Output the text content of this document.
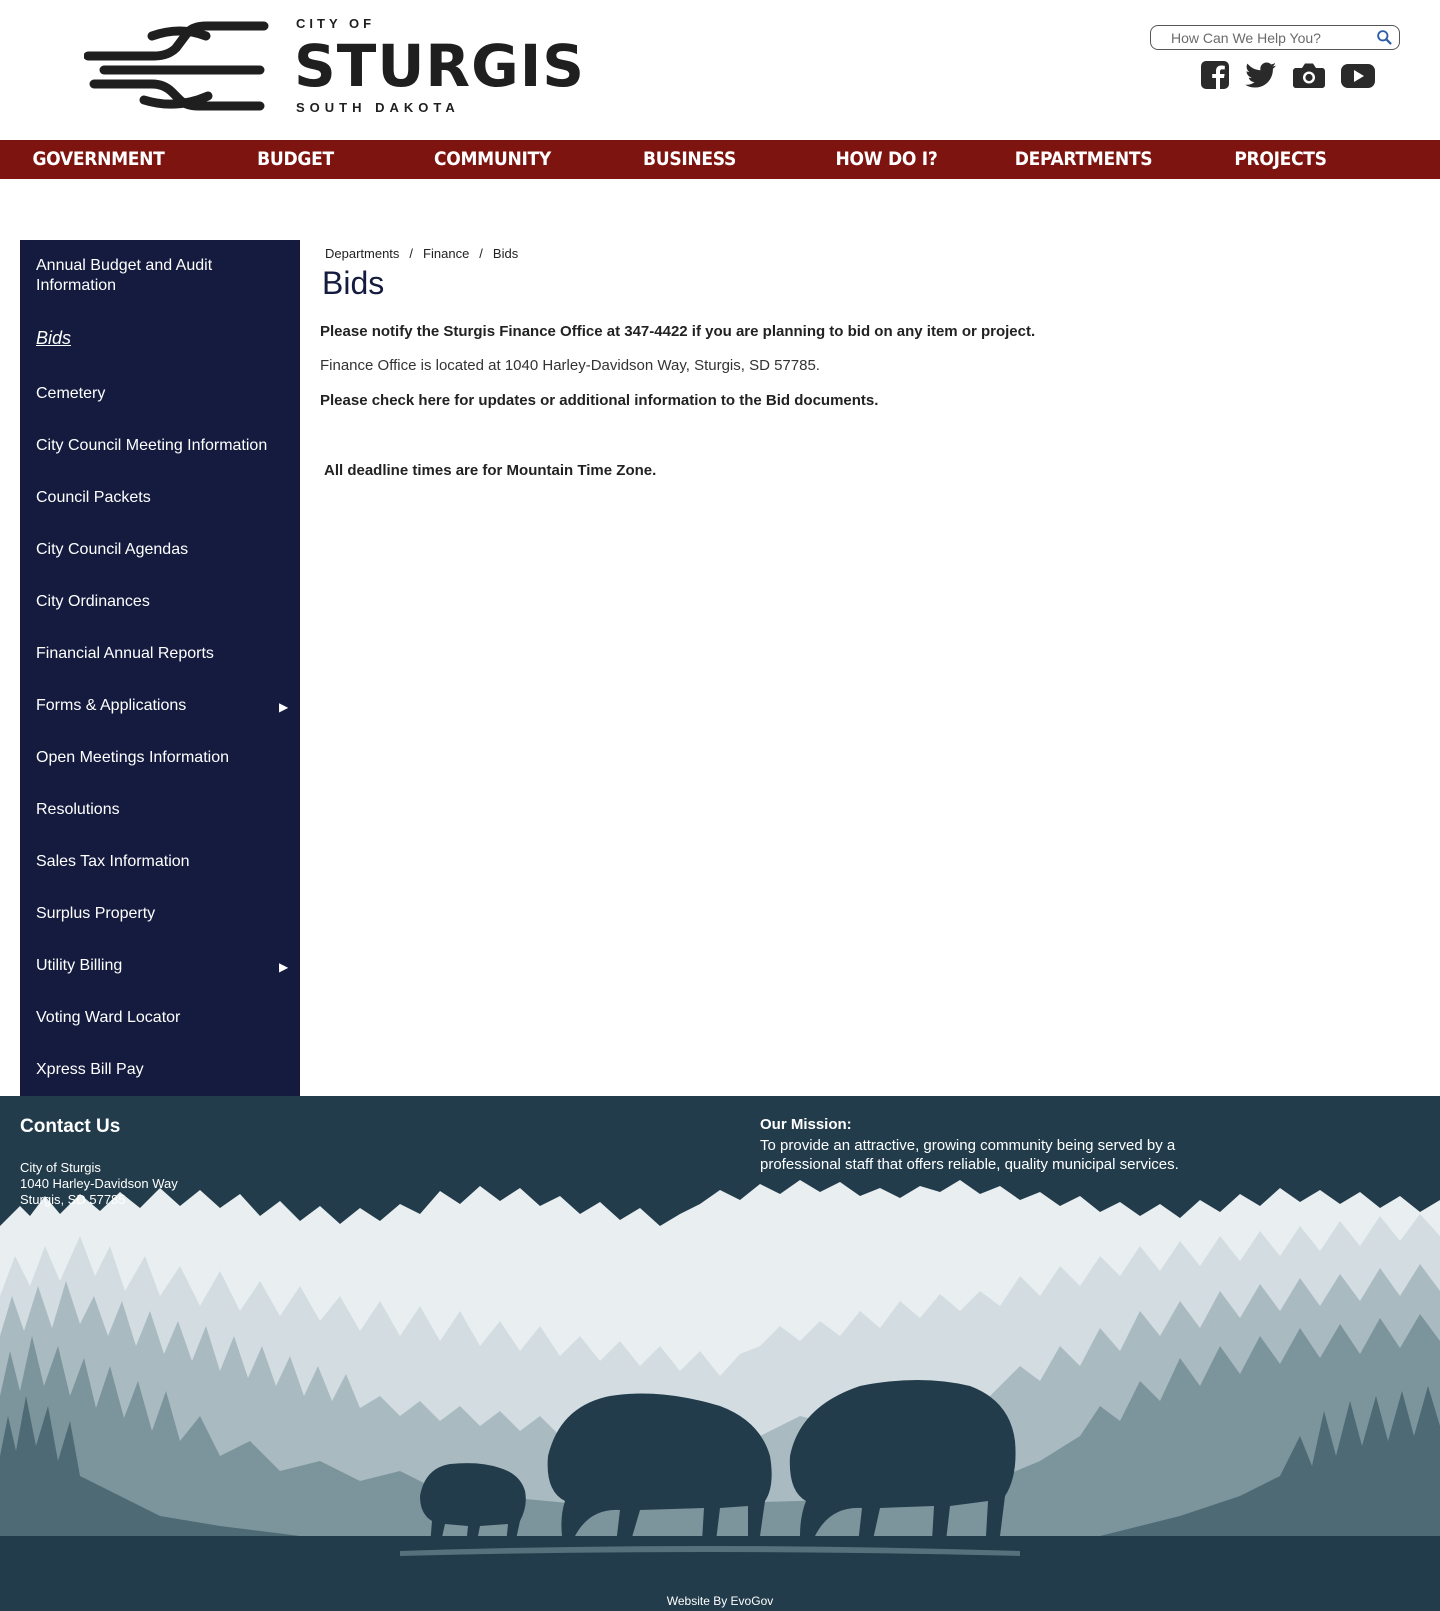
CITY OF
STURGIS
SOUTH DAKOTA
How Can We Help You?
GOVERNMENT	BUDGET	COMMUNITY	BUSINESS	HOW DO I?	DEPARTMENTS	PROJECTS
Annual Budget and Audit Information
Bids
Cemetery
City Council Meeting Information
Council Packets
City Council Agendas
City Ordinances
Financial Annual Reports
Forms & Applications	▶
Open Meetings Information
Resolutions
Sales Tax Information
Surplus Property
Utility Billing	▶
Voting Ward Locator
Xpress Bill Pay
Departments / Finance / Bids
Bids

Please notify the Sturgis Finance Office at 347-4422 if you are planning to bid on any item or project.

Finance Office is located at 1040 Harley-Davidson Way, Sturgis, SD 57785.

Please check here for updates or additional information to the Bid documents.

All deadline times are for Mountain Time Zone.

Contact Us
City of Sturgis
1040 Harley-Davidson Way
Sturgis, SD 57785
Our Mission:
To provide an attractive, growing community being served by a professional staff that offers reliable, quality municipal services.
Website By EvoGov
